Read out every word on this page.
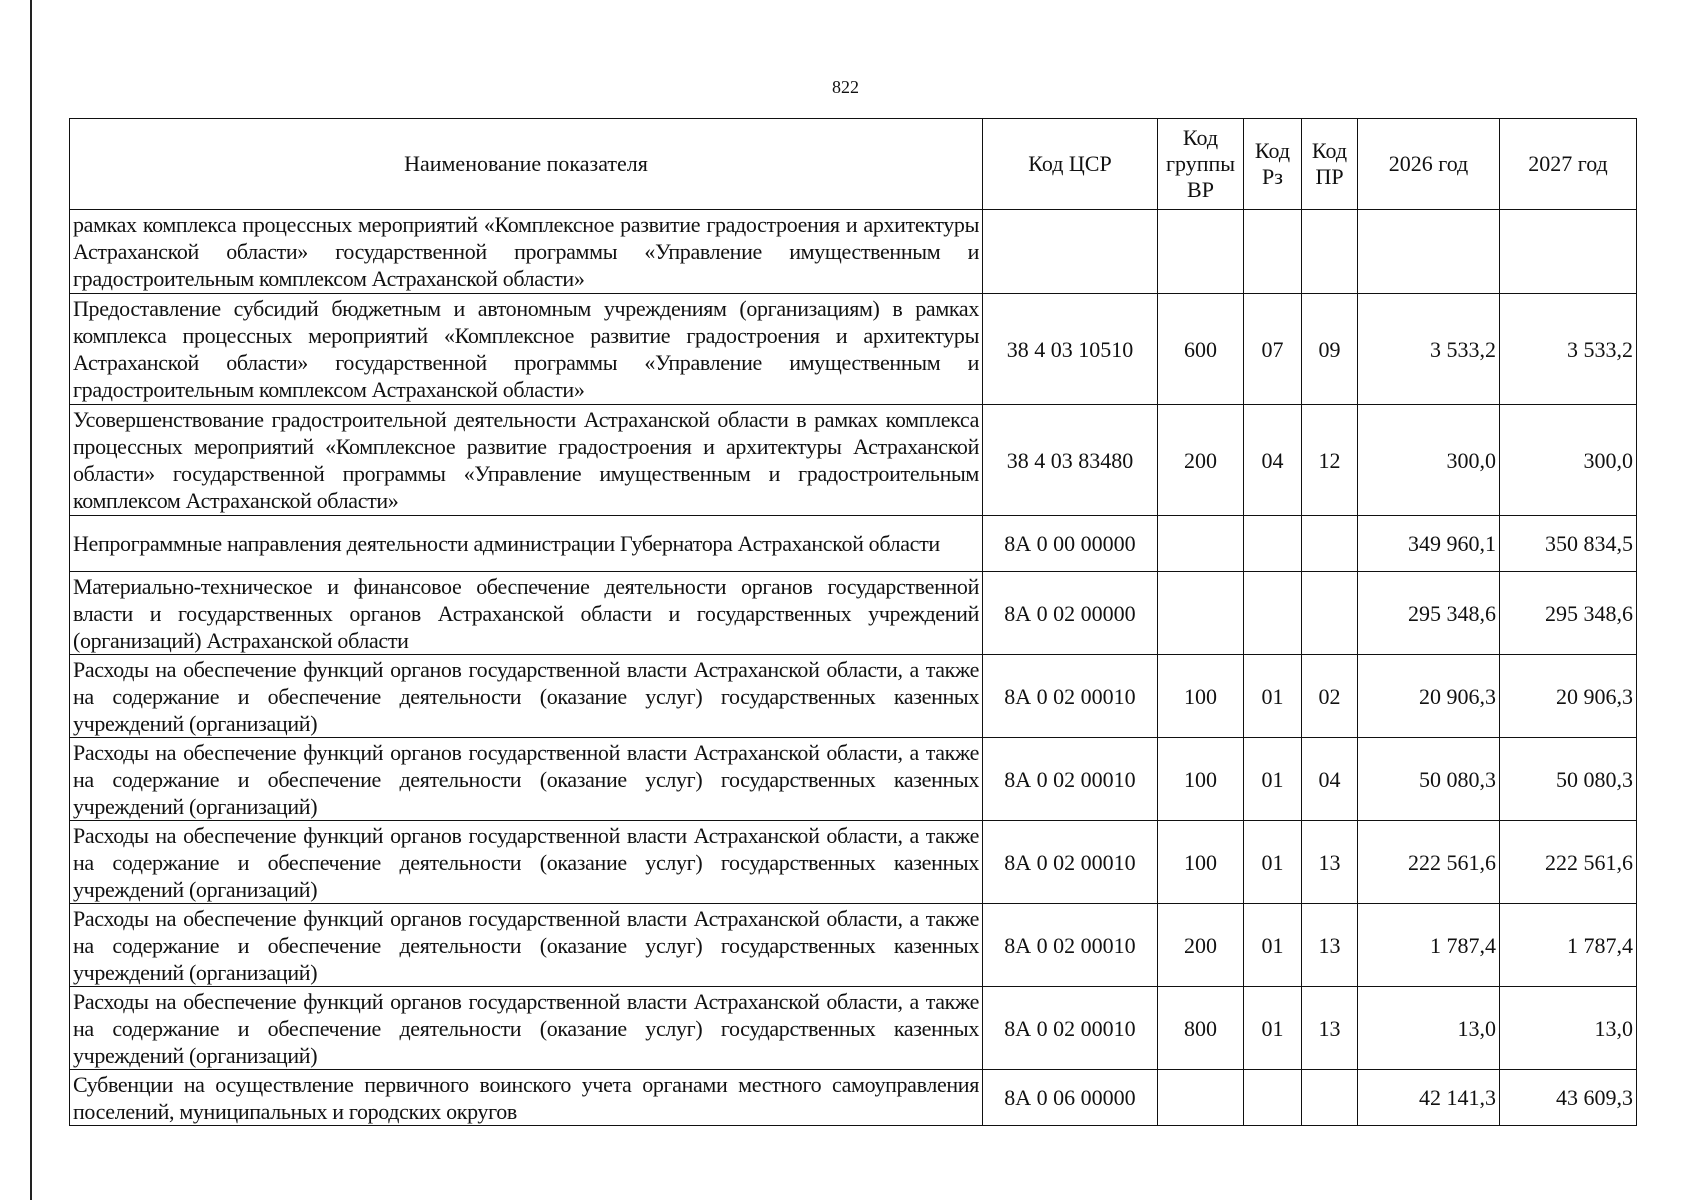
822
Наименование показателя	Код ЦСР	Код группы ВР	Код Рз	Код ПР	2026 год	2027 год
рамках комплекса процессных мероприятий «Комплексное развитие градостроения и архитектуры Астраханской области» государственной программы «Управление имущественным и градостроительным комплексом Астраханской области»						
Предоставление субсидий бюджетным и автономным учреждениям (организациям) в рамках комплекса процессных мероприятий «Комплексное развитие градостроения и архитектуры Астраханской области» государственной программы «Управление имущественным и градостроительным комплексом Астраханской области»	38 4 03 10510	600	07	09	3 533,2	3 533,2
Усовершенствование градостроительной деятельности Астраханской области в рамках комплекса процессных мероприятий «Комплексное развитие градостроения и архитектуры Астраханской области» государственной программы «Управление имущественным и градостроительным комплексом Астраханской области»	38 4 03 83480	200	04	12	300,0	300,0
Непрограммные направления деятельности администрации Губернатора Астраханской области	8А 0 00 00000				349 960,1	350 834,5
Материально-техническое и финансовое обеспечение деятельности органов государственной власти и государственных органов Астраханской области и государственных учреждений (организаций) Астраханской области	8А 0 02 00000				295 348,6	295 348,6
Расходы на обеспечение функций органов государственной власти Астраханской области, а также на содержание и обеспечение деятельности (оказание услуг) государственных казенных учреждений (организаций)	8А 0 02 00010	100	01	02	20 906,3	20 906,3
Расходы на обеспечение функций органов государственной власти Астраханской области, а также на содержание и обеспечение деятельности (оказание услуг) государственных казенных учреждений (организаций)	8А 0 02 00010	100	01	04	50 080,3	50 080,3
Расходы на обеспечение функций органов государственной власти Астраханской области, а также на содержание и обеспечение деятельности (оказание услуг) государственных казенных учреждений (организаций)	8А 0 02 00010	100	01	13	222 561,6	222 561,6
Расходы на обеспечение функций органов государственной власти Астраханской области, а также на содержание и обеспечение деятельности (оказание услуг) государственных казенных учреждений (организаций)	8А 0 02 00010	200	01	13	1 787,4	1 787,4
Расходы на обеспечение функций органов государственной власти Астраханской области, а также на содержание и обеспечение деятельности (оказание услуг) государственных казенных учреждений (организаций)	8А 0 02 00010	800	01	13	13,0	13,0
Субвенции на осуществление первичного воинского учета органами местного самоуправления поселений, муниципальных и городских округов	8А 0 06 00000				42 141,3	43 609,3
